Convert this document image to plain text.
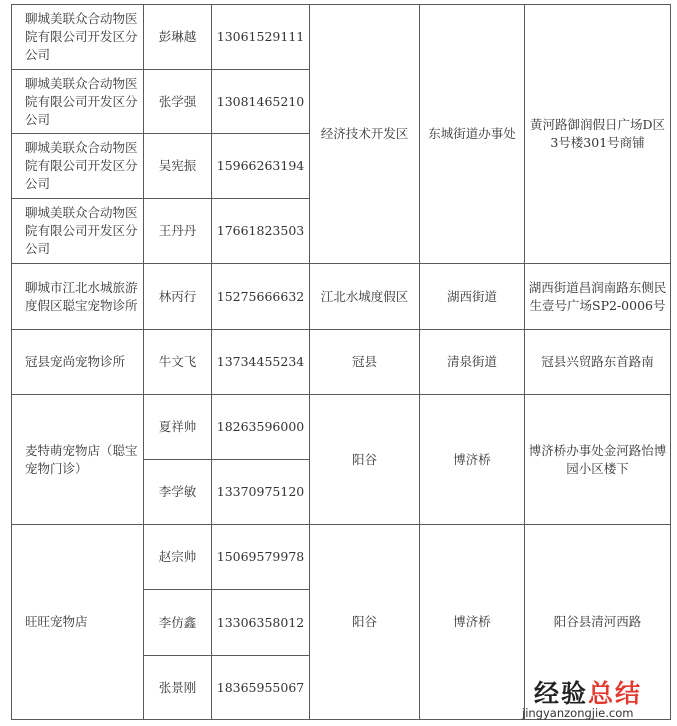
聊城美联众合动物医院有限公司开发区分公司	彭琳越	13061529111	经济技术开发区	东城街道办事处	黄河路御润假日广场D区3号楼301号商铺
聊城美联众合动物医院有限公司开发区分公司	张学强	13081465210			
聊城美联众合动物医院有限公司开发区分公司	吴宪振	15966263194			
聊城美联众合动物医院有限公司开发区分公司	王丹丹	17661823503			
聊城市江北水城旅游度假区聪宝宠物诊所	林丙行	15275666632	江北水城度假区	湖西街道	湖西街道昌润南路东侧民生壹号广场SP2-0006号
冠县宠尚宠物诊所	牛文飞	13734455234	冠县	清泉街道	冠县兴贸路东首路南
麦特萌宠物店（聪宝宠物门诊）	夏祥帅	18263596000	阳谷	博济桥	博济桥办事处金河路怡博园小区楼下
	李学敏	13370975120			
旺旺宠物店	赵宗帅	15069579978	阳谷	博济桥	阳谷县清河西路
	李仿鑫	13306358012			
	张景刚	18365955067				经验总结
jingyanzongjie.com
